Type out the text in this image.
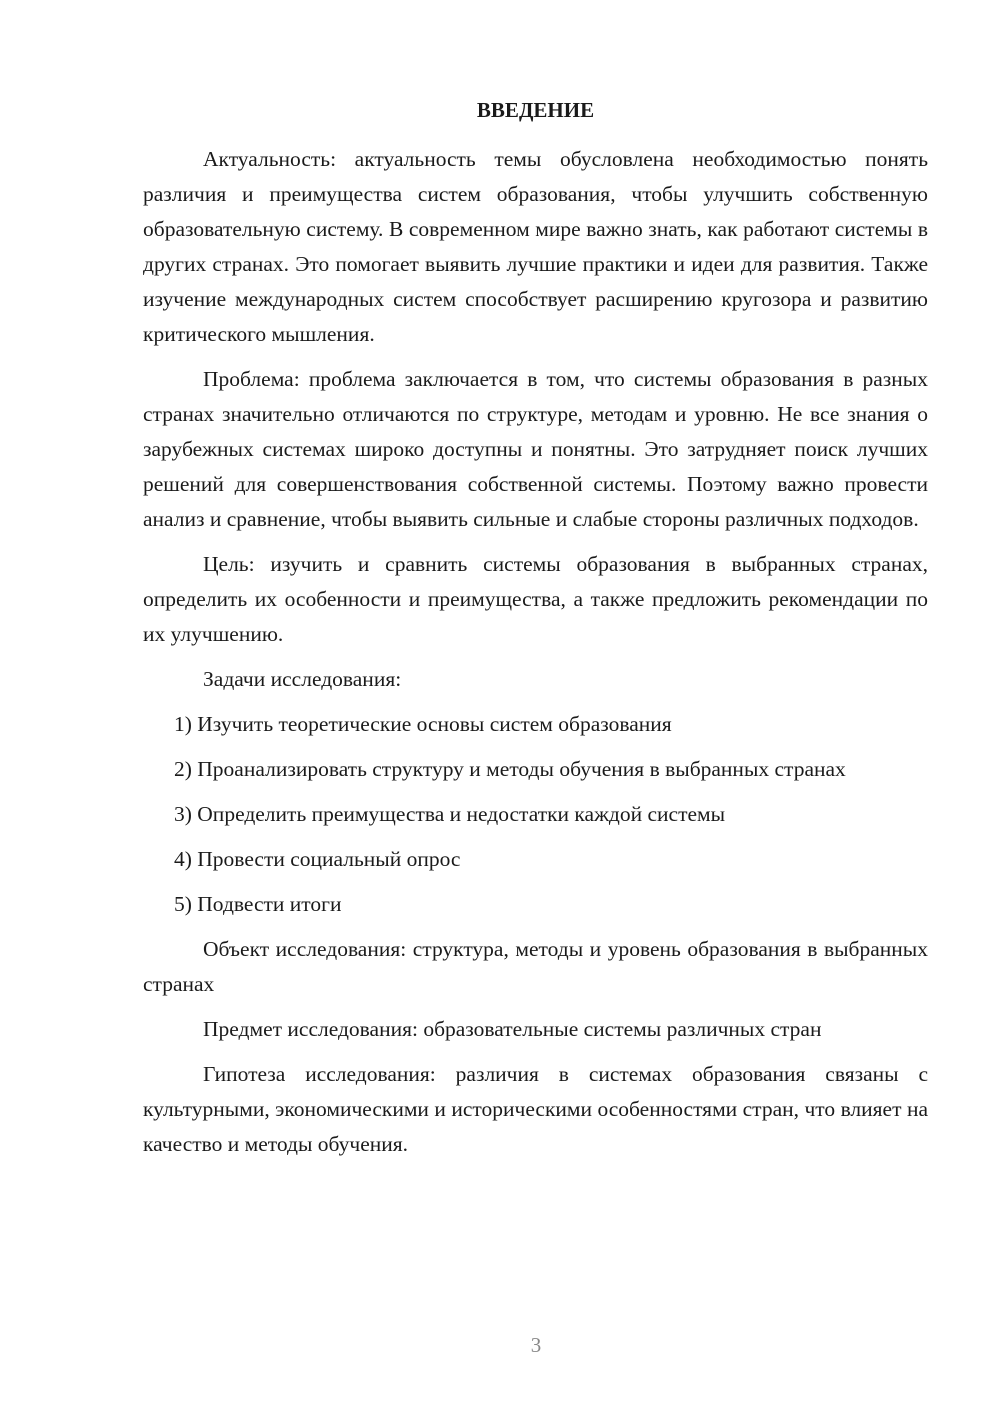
ВВЕДЕНИЕ

Актуальность: актуальность темы обусловлена необходимостью понять различия и преимущества систем образования, чтобы улучшить собственную образовательную систему. В современном мире важно знать, как работают системы в других странах. Это помогает выявить лучшие практики и идеи для развития. Также изучение международных систем способствует расширению кругозора и развитию критического мышления.

Проблема: проблема заключается в том, что системы образования в разных странах значительно отличаются по структуре, методам и уровню. Не все знания о зарубежных системах широко доступны и понятны. Это затрудняет поиск лучших решений для совершенствования собственной системы. Поэтому важно провести анализ и сравнение, чтобы выявить сильные и слабые стороны различных подходов.

Цель: изучить и сравнить системы образования в выбранных странах, определить их особенности и преимущества, а также предложить рекомендации по их улучшению.

Задачи исследования:

1) Изучить теоретические основы систем образования

2) Проанализировать структуру и методы обучения в выбранных странах

3) Определить преимущества и недостатки каждой системы

4) Провести социальный опрос

5) Подвести итоги

Объект исследования: структура, методы и уровень образования в выбранных странах

Предмет исследования: образовательные системы различных стран

Гипотеза исследования: различия в системах образования связаны с культурными, экономическими и историческими особенностями стран, что влияет на качество и методы обучения.

3
